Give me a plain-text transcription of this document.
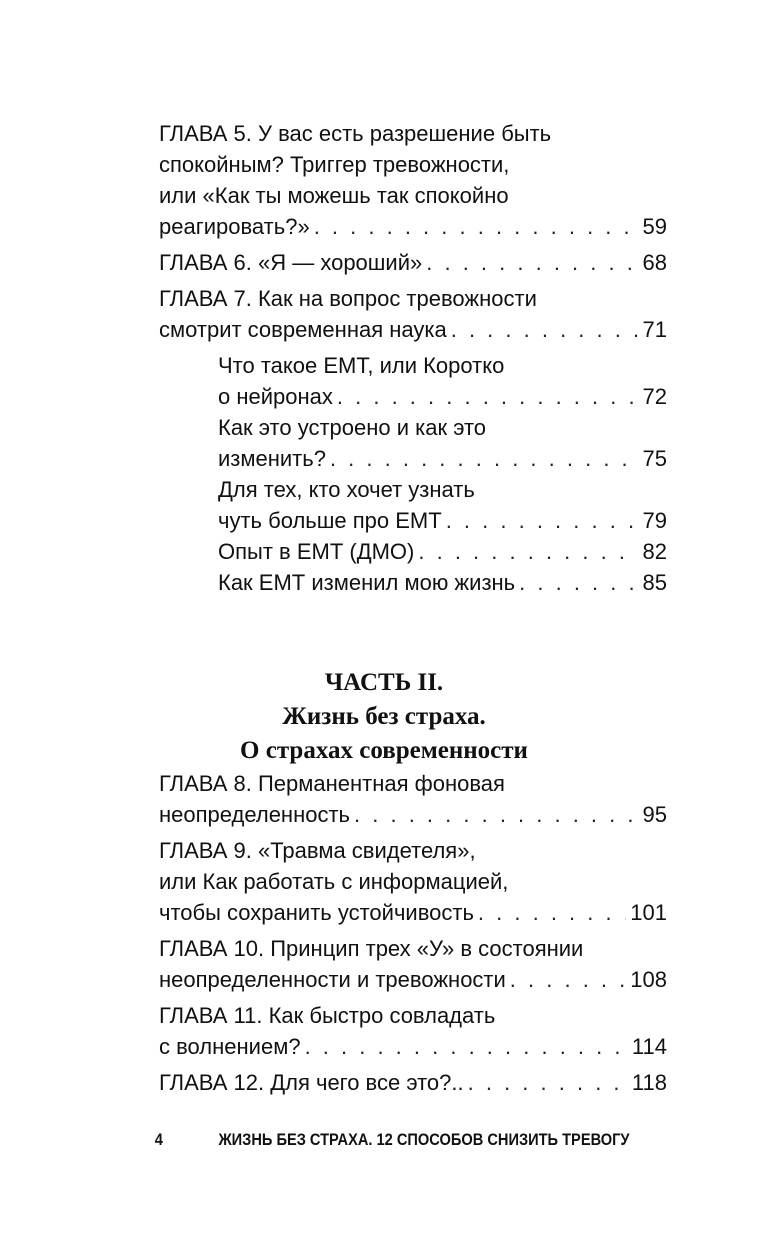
ГЛАВА 5. У вас есть разрешение быть
спокойным? Триггер тревожности,
или «Как ты можешь так спокойно
реагировать?» . . .	59
ГЛАВА 6. «Я — хороший» . . .	68
ГЛАВА 7. Как на вопрос тревожности
смотрит современная наука . . .	71
Что такое ЕМТ, или Коротко
о нейронах . . .	72
Как это устроено и как это
изменить? . . .	75
Для тех, кто хочет узнать
чуть больше про ЕМТ . . .	79
Опыт в ЕМТ (ДМО) . . .	82
Как ЕМТ изменил мою жизнь . . .	85
ЧАСТЬ II.
Жизнь без страха.
О страхах современности
ГЛАВА 8. Перманентная фоновая
неопределенность . . .	95
ГЛАВА 9. «Травма свидетеля»,
или Как работать с информацией,
чтобы сохранить устойчивость . . .	101
ГЛАВА 10. Принцип трех «У» в состоянии
неопределенности и тревожности . . .	108
ГЛАВА 11. Как быстро совладать
с волнением? . . .	114
ГЛАВА 12. Для чего все это?.. . . .	118
4	ЖИЗНЬ БЕЗ СТРАХА. 12 СПОСОБОВ СНИЗИТЬ ТРЕВОГУ
